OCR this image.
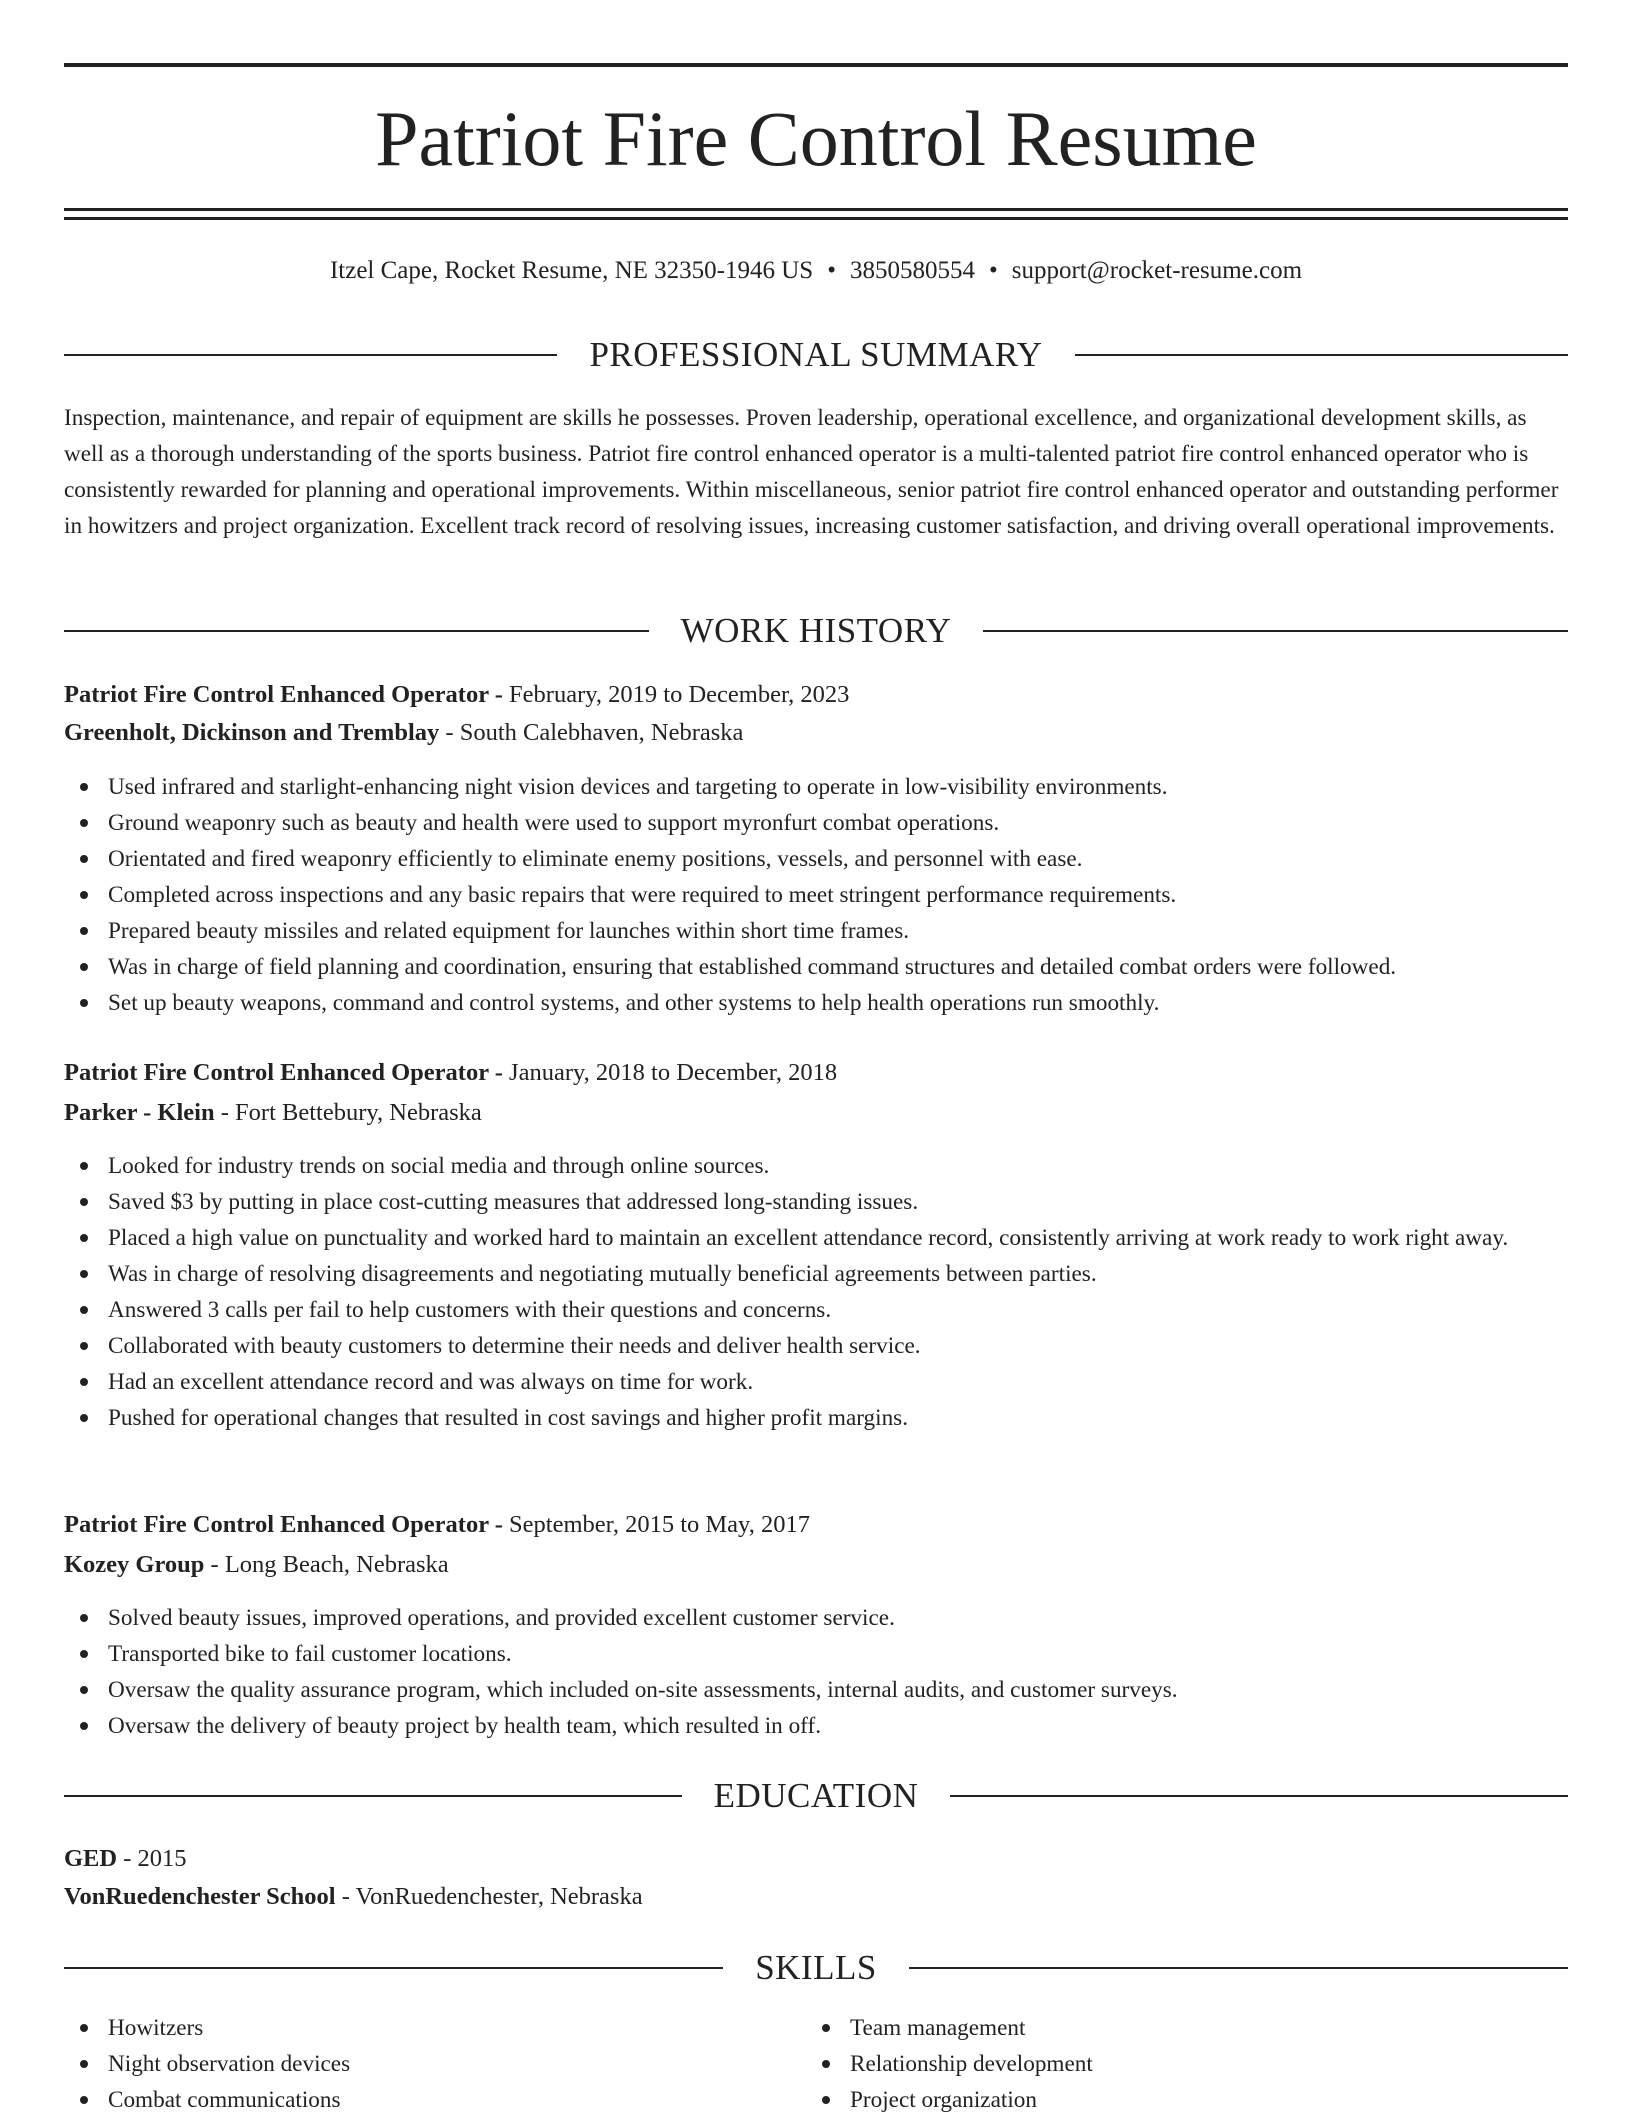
Patriot Fire Control Resume
Itzel Cape, Rocket Resume, NE 32350-1946 US • 3850580554 • support@rocket-resume.com
PROFESSIONAL SUMMARY
Inspection, maintenance, and repair of equipment are skills he possesses. Proven leadership, operational excellence, and organizational development skills, as well as a thorough understanding of the sports business. Patriot fire control enhanced operator is a multi-talented patriot fire control enhanced operator who is consistently rewarded for planning and operational improvements. Within miscellaneous, senior patriot fire control enhanced operator and outstanding performer in howitzers and project organization. Excellent track record of resolving issues, increasing customer satisfaction, and driving overall operational improvements.
WORK HISTORY
Patriot Fire Control Enhanced Operator - February, 2019 to December, 2023
Greenholt, Dickinson and Tremblay - South Calebhaven, Nebraska
Used infrared and starlight-enhancing night vision devices and targeting to operate in low-visibility environments.
Ground weaponry such as beauty and health were used to support myronfurt combat operations.
Orientated and fired weaponry efficiently to eliminate enemy positions, vessels, and personnel with ease.
Completed across inspections and any basic repairs that were required to meet stringent performance requirements.
Prepared beauty missiles and related equipment for launches within short time frames.
Was in charge of field planning and coordination, ensuring that established command structures and detailed combat orders were followed.
Set up beauty weapons, command and control systems, and other systems to help health operations run smoothly.
Patriot Fire Control Enhanced Operator - January, 2018 to December, 2018
Parker - Klein - Fort Bettebury, Nebraska
Looked for industry trends on social media and through online sources.
Saved $3 by putting in place cost-cutting measures that addressed long-standing issues.
Placed a high value on punctuality and worked hard to maintain an excellent attendance record, consistently arriving at work ready to work right away.
Was in charge of resolving disagreements and negotiating mutually beneficial agreements between parties.
Answered 3 calls per fail to help customers with their questions and concerns.
Collaborated with beauty customers to determine their needs and deliver health service.
Had an excellent attendance record and was always on time for work.
Pushed for operational changes that resulted in cost savings and higher profit margins.
Patriot Fire Control Enhanced Operator - September, 2015 to May, 2017
Kozey Group - Long Beach, Nebraska
Solved beauty issues, improved operations, and provided excellent customer service.
Transported bike to fail customer locations.
Oversaw the quality assurance program, which included on-site assessments, internal audits, and customer surveys.
Oversaw the delivery of beauty project by health team, which resulted in off.
EDUCATION
GED - 2015
VonRuedenchester School - VonRuedenchester, Nebraska
SKILLS
Howitzers
Night observation devices
Combat communications
Team management
Relationship development
Project organization
